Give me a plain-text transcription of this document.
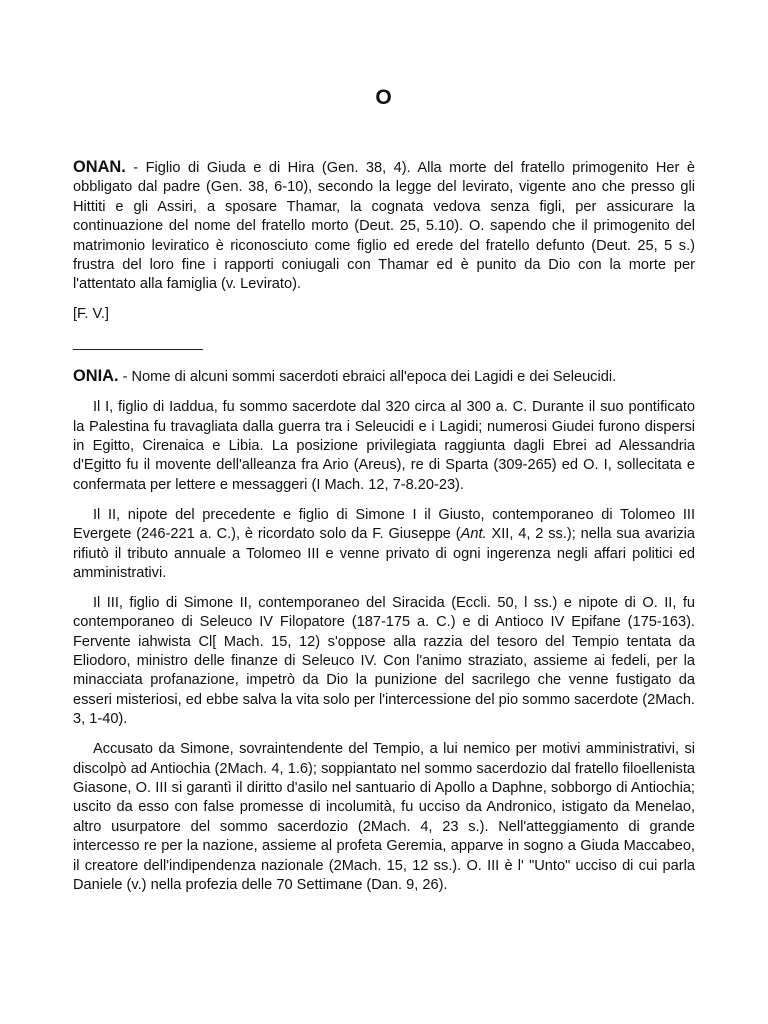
O

ONAN. - Figlio di Giuda e di Hira (Gen. 38, 4). Alla morte del fratello primogenito Her è obbligato dal padre (Gen. 38, 6-10), secondo la legge del levirato, vigente ano che presso gli Hittiti e gli Assiri, a sposare Thamar, la cognata vedova senza figli, per assicurare la continuazione del nome del fratello morto (Deut. 25, 5.10). O. sapendo che il primogenito del matrimonio leviratico è riconosciuto come figlio ed erede del fratello defunto (Deut. 25, 5 s.) frustra del loro fine i rapporti coniugali con Thamar ed è punito da Dio con la morte per l'attentato alla famiglia (v. Levirato).

[F. V.]

________________

ONIA. - Nome di alcuni sommi sacerdoti ebraici all'epoca dei Lagidi e dei Seleucidi.

Il I, figlio di Iaddua, fu sommo sacerdote dal 320 circa al 300 a. C. Durante il suo pontificato la Palestina fu travagliata dalla guerra tra i Seleucidi e i Lagidi; numerosi Giudei furono dispersi in Egitto, Cirenaica e Libia. La posizione privilegiata raggiunta dagli Ebrei ad Alessandria d'Egitto fu il movente dell'alleanza fra Ario (Areus), re di Sparta (309-265) ed O. I, sollecitata e confermata per lettere e messaggeri (I Mach. 12, 7-8.20-23).

Il II, nipote del precedente e figlio di Simone I il Giusto, contemporaneo di Tolomeo III Evergete (246-221 a. C.), è ricordato solo da F. Giuseppe (Ant. XII, 4, 2 ss.); nella sua avarizia rifiutò il tributo annuale a Tolomeo III e venne privato di ogni ingerenza negli affari politici ed amministrativi.

Il III, figlio di Simone II, contemporaneo del Siracida (Eccli. 50, l ss.) e nipote di O. II, fu contemporaneo di Seleuco IV Filopatore (187-175 a. C.) e di Antioco IV Epifane (175-163). Fervente iahwista Cl[ Mach. 15, 12) s'oppose alla razzia del tesoro del Tempio tentata da Eliodoro, ministro delle finanze di Seleuco IV. Con l'animo straziato, assieme ai fedeli, per la minacciata profanazione, impetrò da Dio la punizione del sacrilego che venne fustigato da esseri misteriosi, ed ebbe salva la vita solo per l'intercessione del pio sommo sacerdote (2Mach. 3, 1-40).

Accusato da Simone, sovraintendente del Tempio, a lui nemico per motivi amministrativi, si discolpò ad Antiochia (2Mach. 4, 1.6); soppiantato nel sommo sacerdozio dal fratello filoellenista Giasone, O. III si garantì il diritto d'asilo nel santuario di Apollo a Daphne, sobborgo di Antiochia; uscito da esso con false promesse di incolumità, fu ucciso da Andronico, istigato da Menelao, altro usurpatore del sommo sacerdozio (2Mach. 4, 23 s.). Nell'atteggiamento di grande intercesso re per la nazione, assieme al profeta Geremia, apparve in sogno a Giuda Maccabeo, il creatore dell'indipendenza nazionale (2Mach. 15, 12 ss.). O. III è l' "Unto" ucciso di cui parla Daniele (v.) nella profezia delle 70 Settimane (Dan. 9, 26).
